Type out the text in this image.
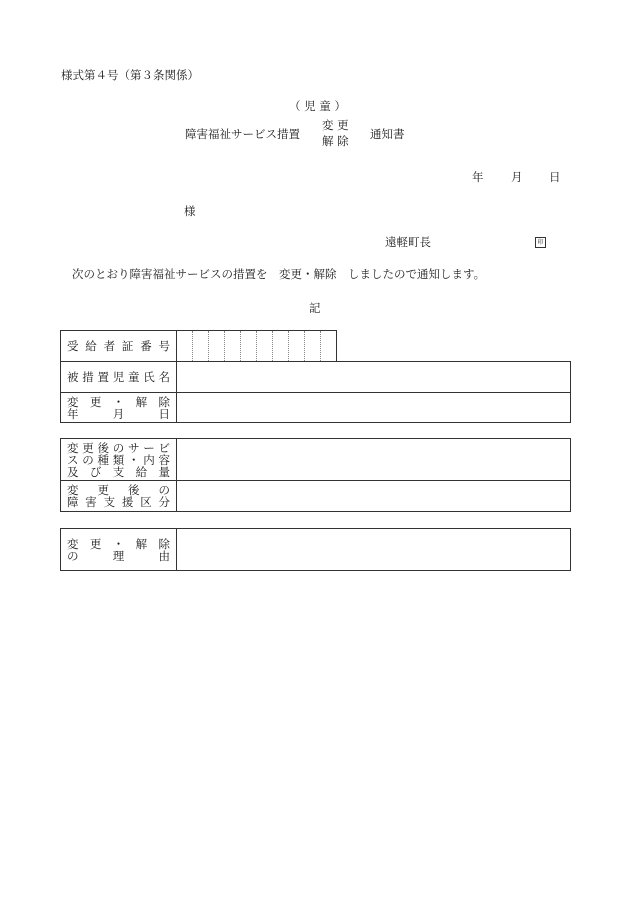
様式第４号（第３条関係）
（ 児 童 ）
障害福祉サービス措置
変 更
解 除 通知書
年 月 日
様
遠軽町長	印
次のとおり障害福祉サービスの措置を　変更・解除　しましたので通知します。
記
受給者証番号										
被措置児童氏名	

変 更 ・ 解 除
年　　月　　日	

変更後のサービ
スの種類・内容
及び支給量	

変　更　後　の
障害支援区分	

変 更 ・ 解 除
の　　理　　由
